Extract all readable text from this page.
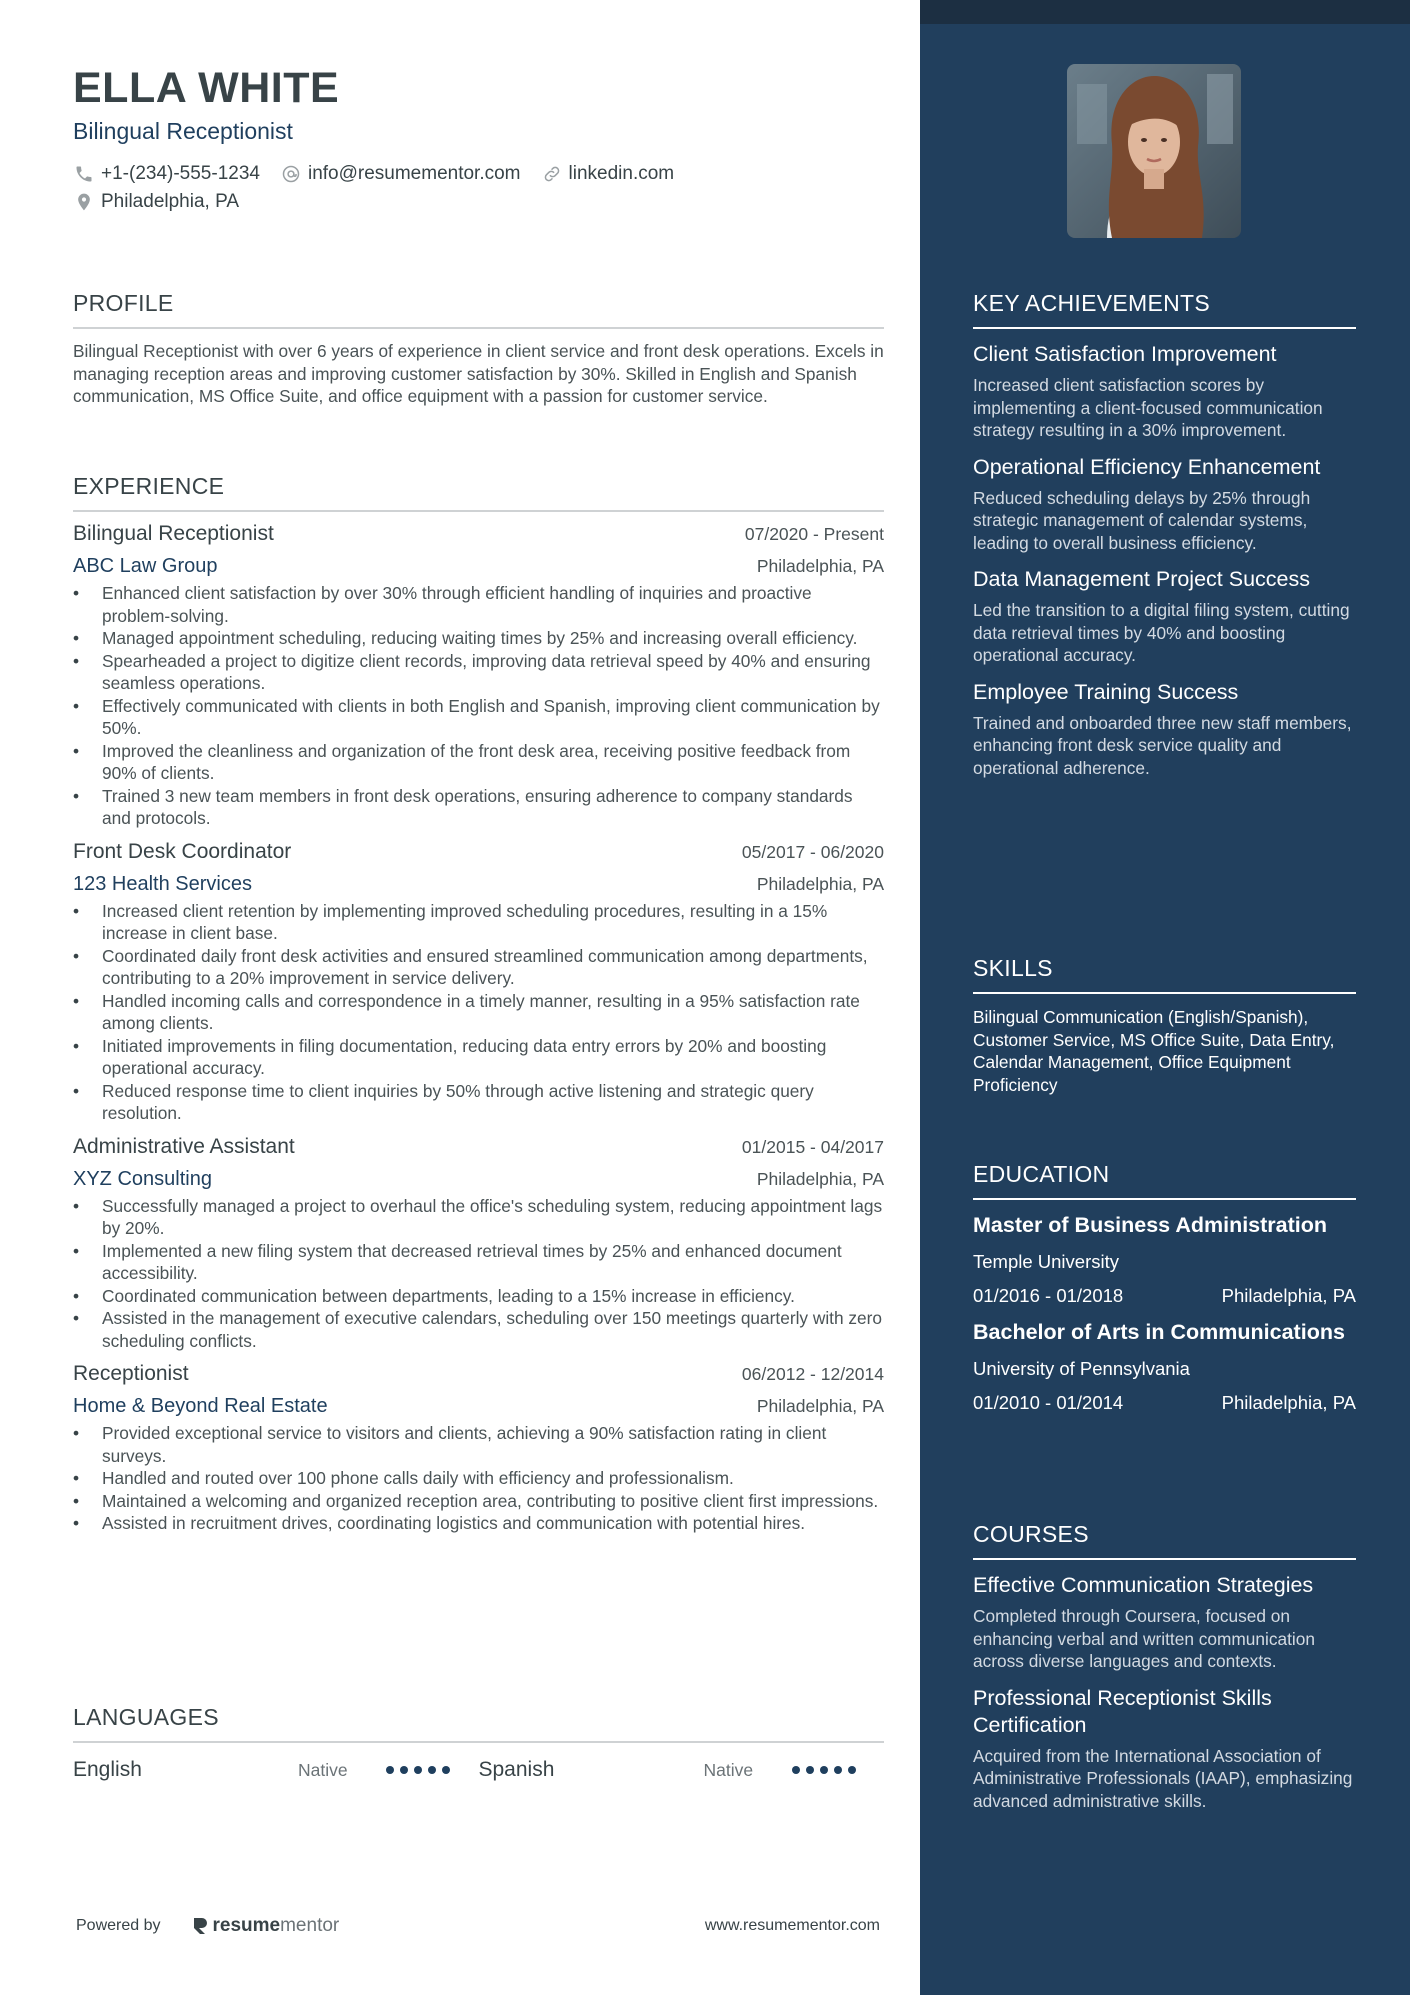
ELLA WHITE
Bilingual Receptionist
+1-(234)-555-1234	info@resumementor.com	linkedin.com
Philadelphia, PA
PROFILE

Bilingual Receptionist with over 6 years of experience in client service and front desk operations. Excels in managing reception areas and improving customer satisfaction by 30%. Skilled in English and Spanish communication, MS Office Suite, and office equipment with a passion for customer service.

EXPERIENCE
Bilingual Receptionist	07/2020 - Present
ABC Law Group	Philadelphia, PA
• Enhanced client satisfaction by over 30% through efficient handling of inquiries and proactive problem-solving.
• Managed appointment scheduling, reducing waiting times by 25% and increasing overall efficiency.
• Spearheaded a project to digitize client records, improving data retrieval speed by 40% and ensuring seamless operations.
• Effectively communicated with clients in both English and Spanish, improving client communication by 50%.
• Improved the cleanliness and organization of the front desk area, receiving positive feedback from 90% of clients.
• Trained 3 new team members in front desk operations, ensuring adherence to company standards and protocols.
Front Desk Coordinator	05/2017 - 06/2020
123 Health Services	Philadelphia, PA
• Increased client retention by implementing improved scheduling procedures, resulting in a 15% increase in client base.
• Coordinated daily front desk activities and ensured streamlined communication among departments, contributing to a 20% improvement in service delivery.
• Handled incoming calls and correspondence in a timely manner, resulting in a 95% satisfaction rate among clients.
• Initiated improvements in filing documentation, reducing data entry errors by 20% and boosting operational accuracy.
• Reduced response time to client inquiries by 50% through active listening and strategic query resolution.
Administrative Assistant	01/2015 - 04/2017
XYZ Consulting	Philadelphia, PA
• Successfully managed a project to overhaul the office's scheduling system, reducing appointment lags by 20%.
• Implemented a new filing system that decreased retrieval times by 25% and enhanced document accessibility.
• Coordinated communication between departments, leading to a 15% increase in efficiency.
• Assisted in the management of executive calendars, scheduling over 150 meetings quarterly with zero scheduling conflicts.
Receptionist	06/2012 - 12/2014
Home & Beyond Real Estate	Philadelphia, PA
• Provided exceptional service to visitors and clients, achieving a 90% satisfaction rating in client surveys.
• Handled and routed over 100 phone calls daily with efficiency and professionalism.
• Maintained a welcoming and organized reception area, contributing to positive client first impressions.
• Assisted in recruitment drives, coordinating logistics and communication with potential hires.
LANGUAGES
English	Native	Spanish	Native
Powered by	resume mentor	www.resumementor.com
KEY ACHIEVEMENTS
Client Satisfaction Improvement
Increased client satisfaction scores by implementing a client-focused communication strategy resulting in a 30% improvement.
Operational Efficiency Enhancement
Reduced scheduling delays by 25% through strategic management of calendar systems, leading to overall business efficiency.
Data Management Project Success
Led the transition to a digital filing system, cutting data retrieval times by 40% and boosting operational accuracy.
Employee Training Success
Trained and onboarded three new staff members, enhancing front desk service quality and operational adherence.
SKILLS

Bilingual Communication (English/Spanish), Customer Service, MS Office Suite, Data Entry, Calendar Management, Office Equipment Proficiency

EDUCATION
Master of Business Administration
Temple University
01/2016 - 01/2018	Philadelphia, PA
Bachelor of Arts in Communications
University of Pennsylvania
01/2010 - 01/2014	Philadelphia, PA
COURSES
Effective Communication Strategies
Completed through Coursera, focused on enhancing verbal and written communication across diverse languages and contexts.
Professional Receptionist Skills Certification
Acquired from the International Association of Administrative Professionals (IAAP), emphasizing advanced administrative skills.
